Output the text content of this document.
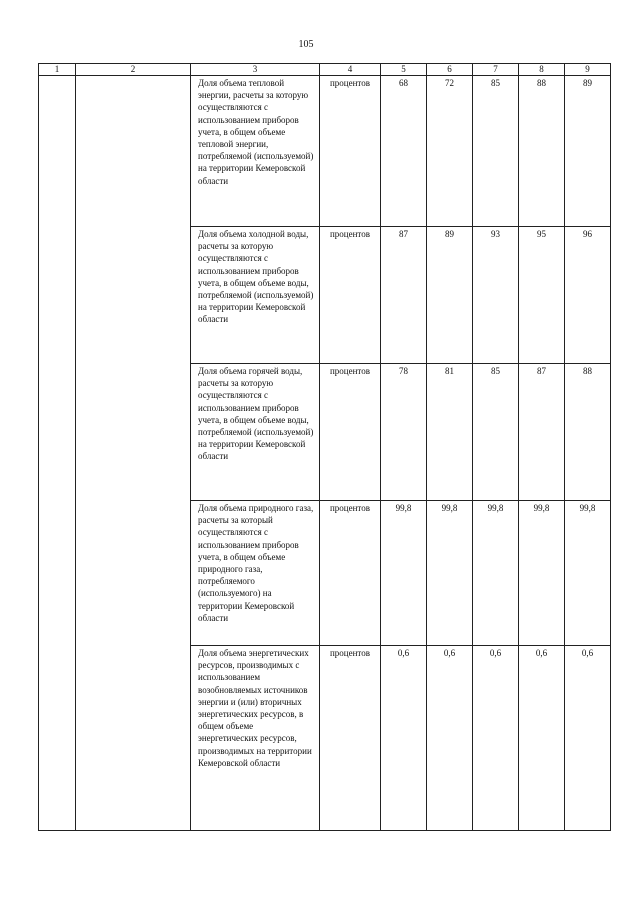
105
1	2	3	4	5	6	7	8	9
		Доля объема тепловой энергии, расчеты за которую осуществляются с использованием приборов учета, в общем объеме тепловой энергии, потребляемой (используемой) на территории Кемеровской области	процентов	68	72	85	88	89
		Доля объема холодной воды, расчеты за которую осуществляются с использованием приборов учета, в общем объеме воды, потребляемой (используемой) на территории Кемеровской области	процентов	87	89	93	95	96
		Доля объема горячей воды, расчеты за которую осуществляются с использованием приборов учета, в общем объеме воды, потребляемой (используемой) на территории Кемеровской области	процентов	78	81	85	87	88
		Доля объема природного газа, расчеты за который осуществляются с использованием приборов учета, в общем объеме природного газа, потребляемого (используемого) на территории Кемеровской области	процентов	99,8	99,8	99,8	99,8	99,8
		Доля объема энергетических ресурсов, производимых с использованием возобновляемых источников энергии и (или) вторичных энергетических ресурсов, в общем объеме энергетических ресурсов, производимых на территории Кемеровской области	процентов	0,6	0,6	0,6	0,6	0,6
